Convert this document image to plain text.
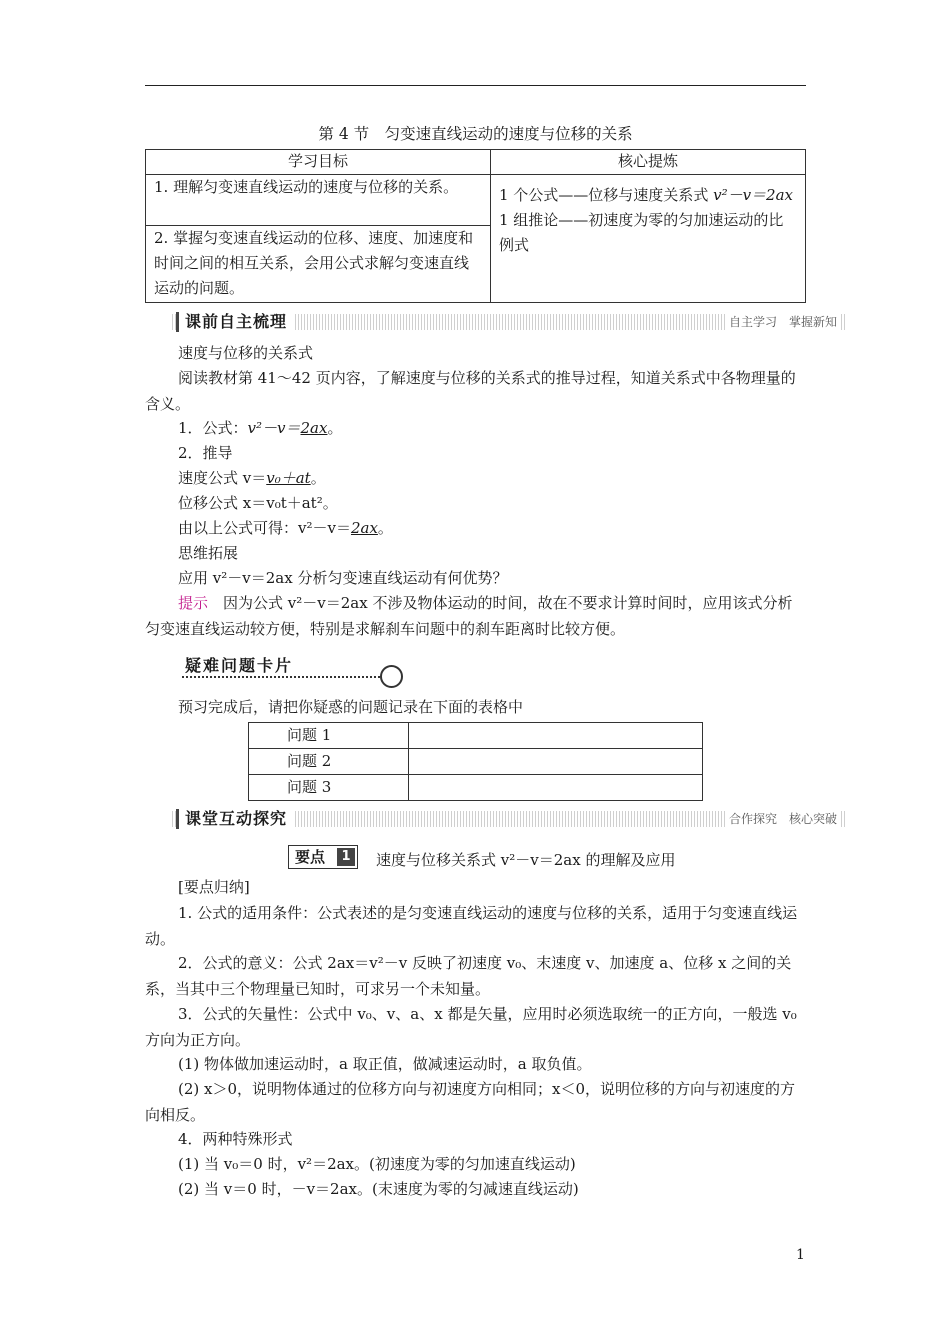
第 4 节　匀变速直线运动的速度与位移的关系
学习目标	核心提炼
1. 理解匀变速直线运动的速度与位移的关系。	1 个公式——位移与速度关系式 v²－v＝2ax
1 组推论——初速度为零的匀加速运动的比例式

2. 掌握匀变速直线运动的位移、速度、加速度和时间之间的相互关系，会用公式求解匀变速直线运动的问题。	
课前自主梳理	自主学习　掌握新知
速度与位移的关系式
阅读教材第 41～42 页内容，了解速度与位移的关系式的推导过程，知道关系式中各物理量的含义。
1．公式：v²－v＝2ax。
2．推导
速度公式 v＝v₀＋at。
位移公式 x＝v₀t＋at²。
由以上公式可得：v²－v＝2ax。
思维拓展
应用 v²－v＝2ax 分析匀变速直线运动有何优势？
提示　因为公式 v²－v＝2ax 不涉及物体运动的时间，故在不要求计算时间时，应用该式分析匀变速直线运动较方便，特别是求解刹车问题中的刹车距离时比较方便。
疑难问题卡片
预习完成后，请把你疑惑的问题记录在下面的表格中
问题 1	
问题 2	
问题 3	
课堂互动探究	合作探究　核心突破
要点	1 速度与位移关系式 v²－v＝2ax 的理解及应用
[要点归纳]
1. 公式的适用条件：公式表述的是匀变速直线运动的速度与位移的关系，适用于匀变速直线运动。
2．公式的意义：公式 2ax＝v²－v 反映了初速度 v₀、末速度 v、加速度 a、位移 x 之间的关系，当其中三个物理量已知时，可求另一个未知量。
3．公式的矢量性：公式中 v₀、v、a、x 都是矢量，应用时必须选取统一的正方向，一般选 v₀ 方向为正方向。
(1) 物体做加速运动时，a 取正值，做减速运动时，a 取负值。
(2) x＞0，说明物体通过的位移方向与初速度方向相同；x＜0，说明位移的方向与初速度的方向相反。
4．两种特殊形式
(1) 当 v₀＝0 时，v²＝2ax。(初速度为零的匀加速直线运动)
(2) 当 v＝0 时，－v＝2ax。(末速度为零的匀减速直线运动)
1
